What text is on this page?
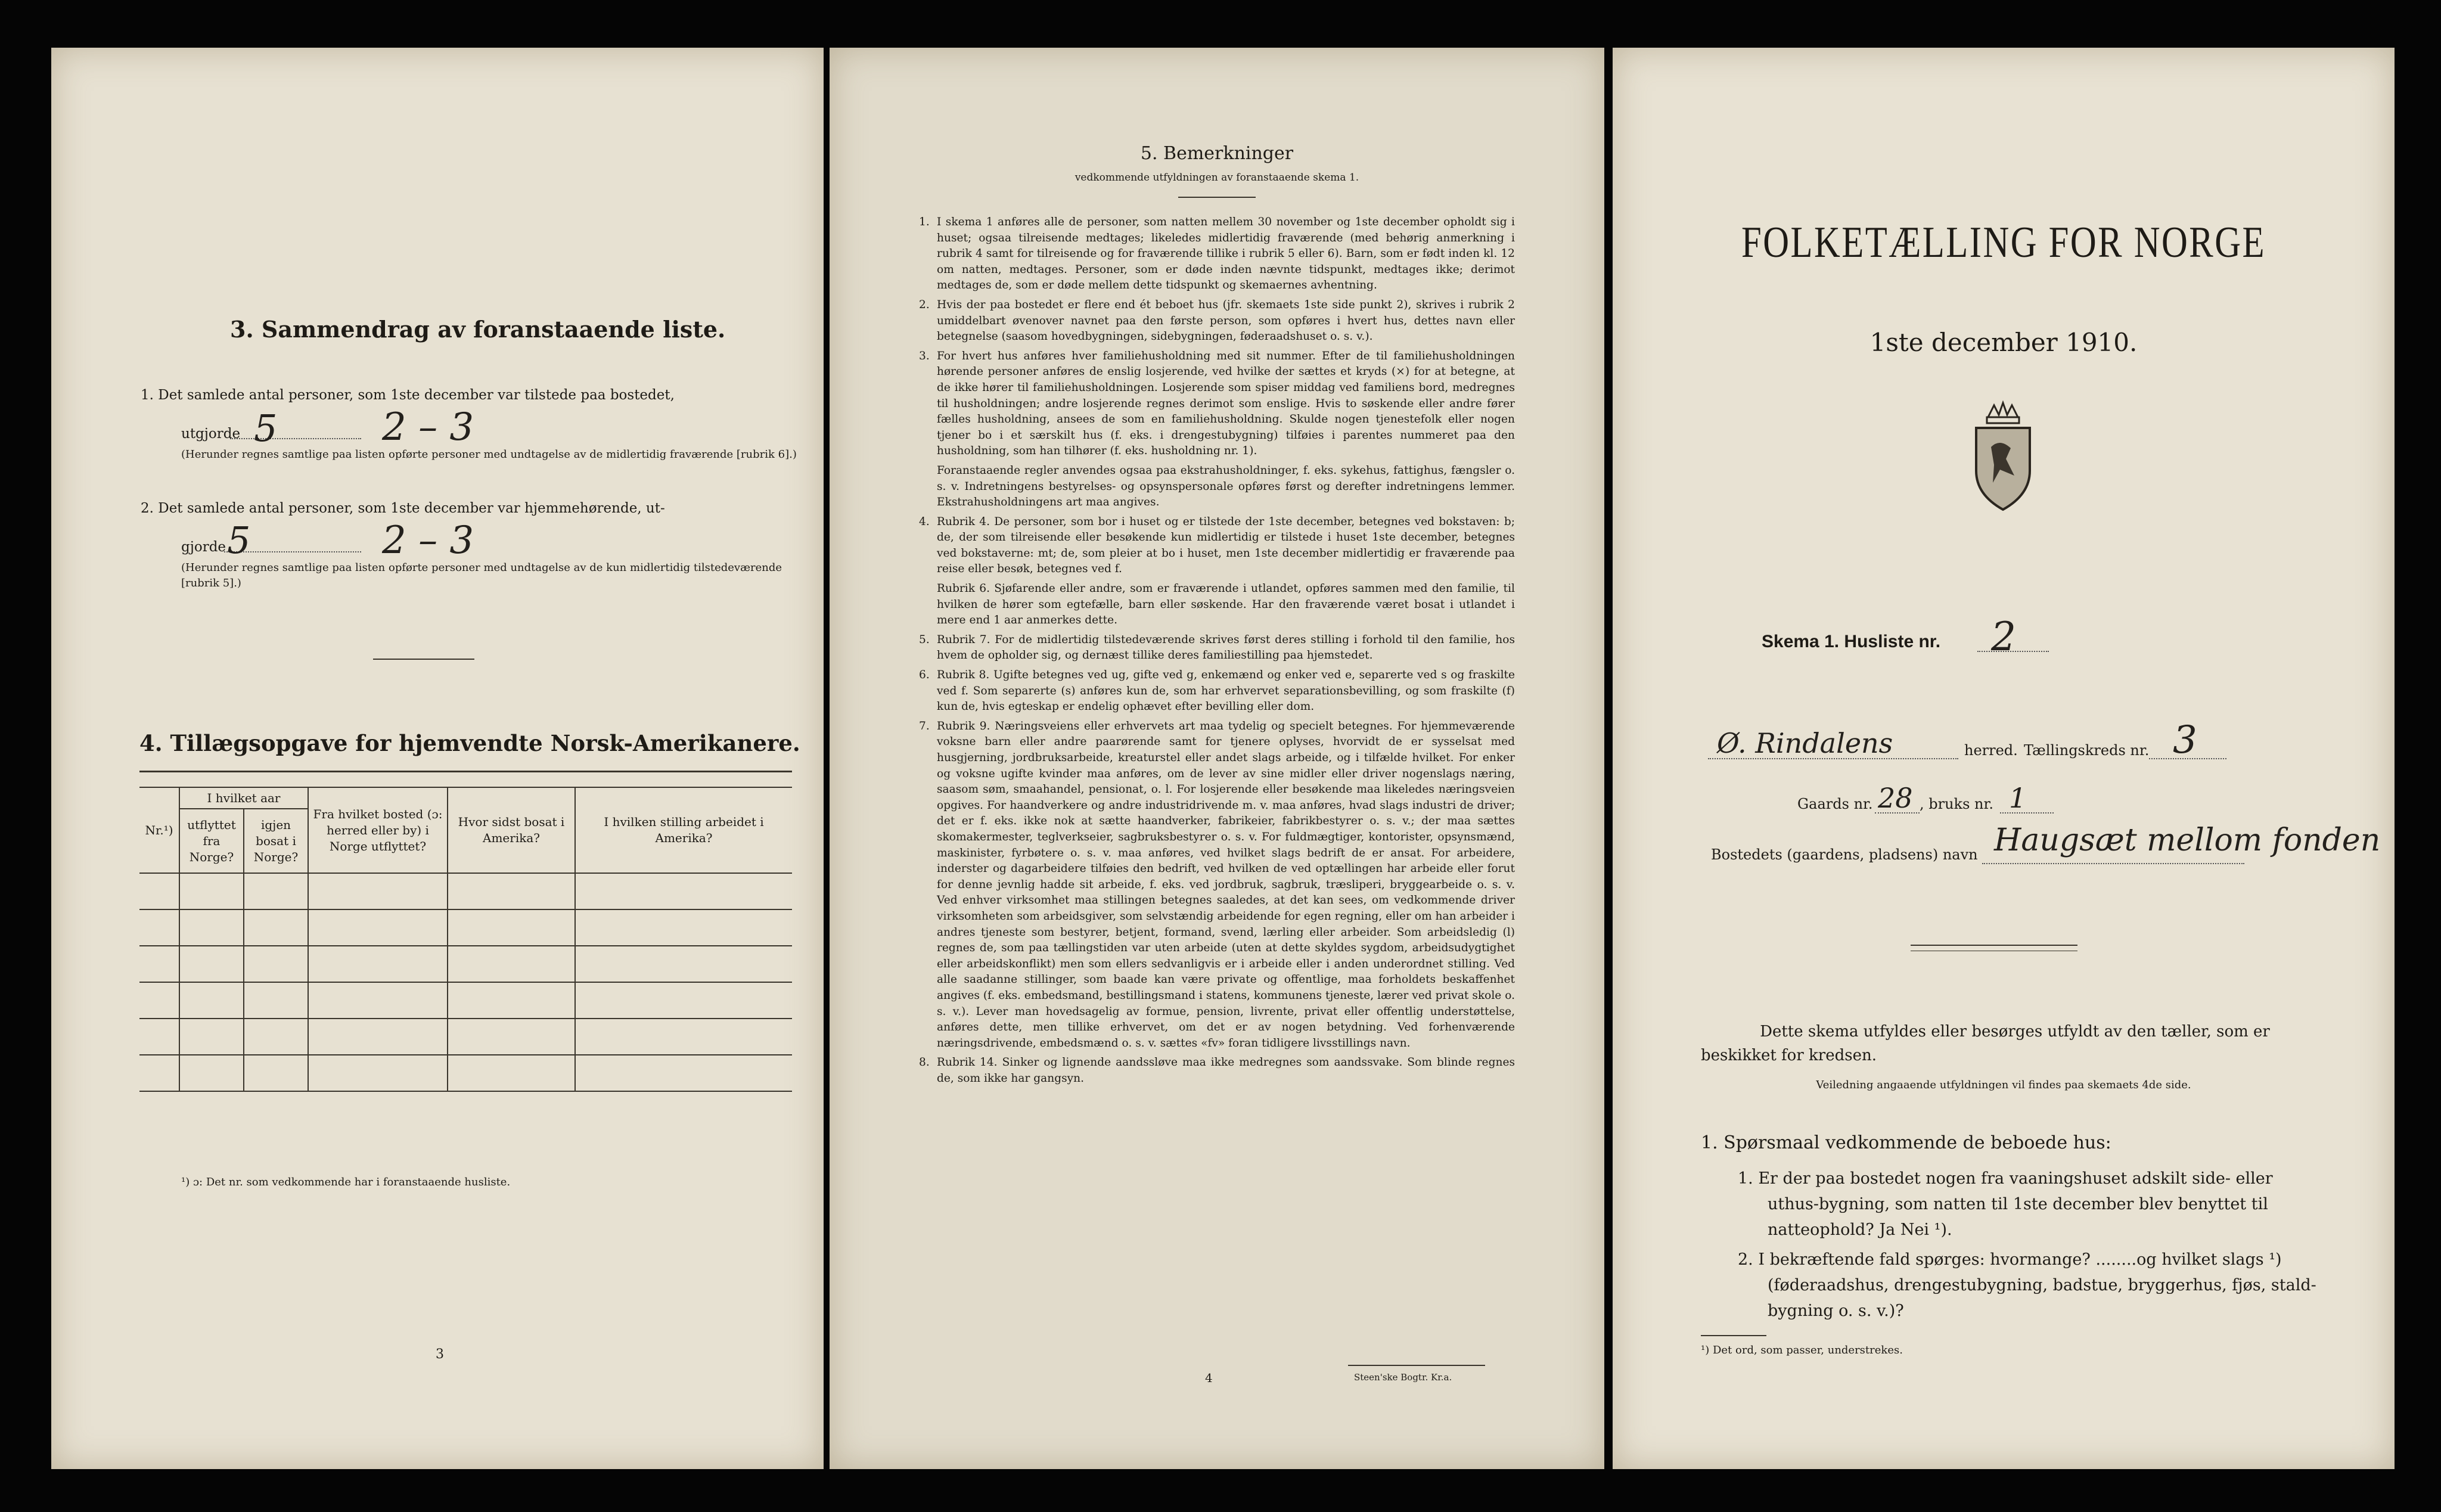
3. Sammendrag av foranstaaende liste.
1. Det samlede antal personer, som 1ste december var tilstede paa bostedet,
utgjorde 5	2 – 3
(Herunder regnes samtlige paa listen opførte personer med undtagelse av de midlertidig fraværende [rubrik 6].)
2. Det samlede antal personer, som 1ste december var hjemmehørende, ut-
gjorde 5	2 – 3
(Herunder regnes samtlige paa listen opførte personer med undtagelse av de kun midlertidig tilstedeværende [rubrik 5].)
4. Tillægsopgave for hjemvendte Norsk-Amerikanere.
Nr.¹)	I hvilket aar		Fra hvilket bosted (ɔ: herred eller by) i Norge utflyttet?	Hvor sidst bosat i Amerika?	I hvilken stilling arbeidet i Amerika?
	utflyttet fra Norge?	igjen bosat i Norge?			

¹) ɔ: Det nr. som vedkommende har i foranstaaende husliste.
3
5. Bemerkninger
vedkommende utfyldningen av foranstaaende skema 1.
1. I skema 1 anføres alle de personer, som natten mellem 30 november og 1ste december opholdt sig i huset; ogsaa tilreisende medtages; likeledes midlertidig fraværende (med behørig anmerkning i rubrik 4 samt for tilreisende og for fraværende tillike i rubrik 5 eller 6). Barn, som er født inden kl. 12 om natten, medtages. Personer, som er døde inden nævnte tidspunkt, medtages ikke; derimot medtages de, som er døde mellem dette tidspunkt og skemaernes avhentning.
2. Hvis der paa bostedet er flere end ét beboet hus (jfr. skemaets 1ste side punkt 2), skrives i rubrik 2 umiddelbart øvenover navnet paa den første person, som opføres i hvert hus, dettes navn eller betegnelse (saasom hovedbygningen, sidebygningen, føderaadshuset o. s. v.).
3. For hvert hus anføres hver familiehusholdning med sit nummer. Efter de til familiehusholdningen hørende personer anføres de enslig losjerende, ved hvilke der sættes et kryds (×) for at betegne, at de ikke hører til familiehusholdningen. Losjerende som spiser middag ved familiens bord, medregnes til husholdningen; andre losjerende regnes derimot som enslige. Hvis to søskende eller andre fører fælles husholdning, ansees de som en familiehusholdning. Skulde nogen tjenestefolk eller nogen tjener bo i et særskilt hus (f. eks. i drengestubygning) tilføies i parentes nummeret paa den husholdning, som han tilhører (f. eks. husholdning nr. 1).
Foranstaaende regler anvendes ogsaa paa ekstrahusholdninger, f. eks. sykehus, fattighus, fængsler o. s. v. Indretningens bestyrelses- og opsynspersonale opføres først og derefter indretningens lemmer. Ekstrahusholdningens art maa angives.
4. Rubrik 4. De personer, som bor i huset og er tilstede der 1ste december, betegnes ved bokstaven: b; de, der som tilreisende eller besøkende kun midlertidig er tilstede i huset 1ste december, betegnes ved bokstaverne: mt; de, som pleier at bo i huset, men 1ste december midlertidig er fraværende paa reise eller besøk, betegnes ved f.
Rubrik 6. Sjøfarende eller andre, som er fraværende i utlandet, opføres sammen med den familie, til hvilken de hører som egtefælle, barn eller søskende. Har den fraværende været bosat i utlandet i mere end 1 aar anmerkes dette.
5. Rubrik 7. For de midlertidig tilstedeværende skrives først deres stilling i forhold til den familie, hos hvem de opholder sig, og dernæst tillike deres familiestilling paa hjemstedet.
6. Rubrik 8. Ugifte betegnes ved ug, gifte ved g, enkemænd og enker ved e, separerte ved s og fraskilte ved f. Som separerte (s) anføres kun de, som har erhvervet separationsbevilling, og som fraskilte (f) kun de, hvis egteskap er endelig ophævet efter bevilling eller dom.
7. Rubrik 9. Næringsveiens eller erhvervets art maa tydelig og specielt betegnes. For hjemmeværende voksne barn eller andre paarørende samt for tjenere oplyses, hvorvidt de er sysselsat med husgjerning, jordbruksarbeide, kreaturstel eller andet slags arbeide, og i tilfælde hvilket. For enker og voksne ugifte kvinder maa anføres, om de lever av sine midler eller driver nogenslags næring, saasom søm, smaahandel, pensionat, o. l. For losjerende eller besøkende maa likeledes næringsveien opgives. For haandverkere og andre industridrivende m. v. maa anføres, hvad slags industri de driver; det er f. eks. ikke nok at sætte haandverker, fabrikeier, fabrikbestyrer o. s. v.; der maa sættes skomakermester, teglverkseier, sagbruksbestyrer o. s. v. For fuldmægtiger, kontorister, opsynsmænd, maskinister, fyrbøtere o. s. v. maa anføres, ved hvilket slags bedrift de er ansat. For arbeidere, inderster og dagarbeidere tilføies den bedrift, ved hvilken de ved optællingen har arbeide eller forut for denne jevnlig hadde sit arbeide, f. eks. ved jordbruk, sagbruk, træsliperi, bryggearbeide o. s. v. Ved enhver virksomhet maa stillingen betegnes saaledes, at det kan sees, om vedkommende driver virksomheten som arbeidsgiver, som selvstændig arbeidende for egen regning, eller om han arbeider i andres tjeneste som bestyrer, betjent, formand, svend, lærling eller arbeider. Som arbeidsledig (l) regnes de, som paa tællingstiden var uten arbeide (uten at dette skyldes sygdom, arbeidsudygtighet eller arbeidskonflikt) men som ellers sedvanligvis er i arbeide eller i anden underordnet stilling. Ved alle saadanne stillinger, som baade kan være private og offentlige, maa forholdets beskaffenhet angives (f. eks. embedsmand, bestillingsmand i statens, kommunens tjeneste, lærer ved privat skole o. s. v.). Lever man hovedsagelig av formue, pension, livrente, privat eller offentlig understøttelse, anføres dette, men tillike erhvervet, om det er av nogen betydning. Ved forhenværende næringsdrivende, embedsmænd o. s. v. sættes «fv» foran tidligere livsstillings navn.
8. Rubrik 14. Sinker og lignende aandssløve maa ikke medregnes som aandssvake. Som blinde regnes de, som ikke har gangsyn.
4	Steen'ske Bogtr. Kr.a.
FOLKETÆLLING FOR NORGE
1ste december 1910.
Skema 1. Husliste nr. 2
Ø. Rindalens	herred. Tællingskreds nr. 3
Gaards nr. 28 , bruks nr. 1
Bostedets (gaardens, pladsens) navn Haugsæt mellom fonden
Dette skema utfyldes eller besørges utfyldt av den tæller, som er
beskikket for kredsen.
Veiledning angaaende utfyldningen vil findes paa skemaets 4de side.
1. Spørsmaal vedkommende de beboede hus:
1. Er der paa bostedet nogen fra vaaningshuset adskilt side- eller
uthus-bygning, som natten til 1ste december blev benyttet til
natteophold? Ja Nei ¹).
2. I bekræftende fald spørges: hvormange? ........og hvilket slags ¹)
(føderaadshus, drengestubygning, badstue, bryggerhus, fjøs, stald-
bygning o. s. v.)?
¹) Det ord, som passer, understrekes.
